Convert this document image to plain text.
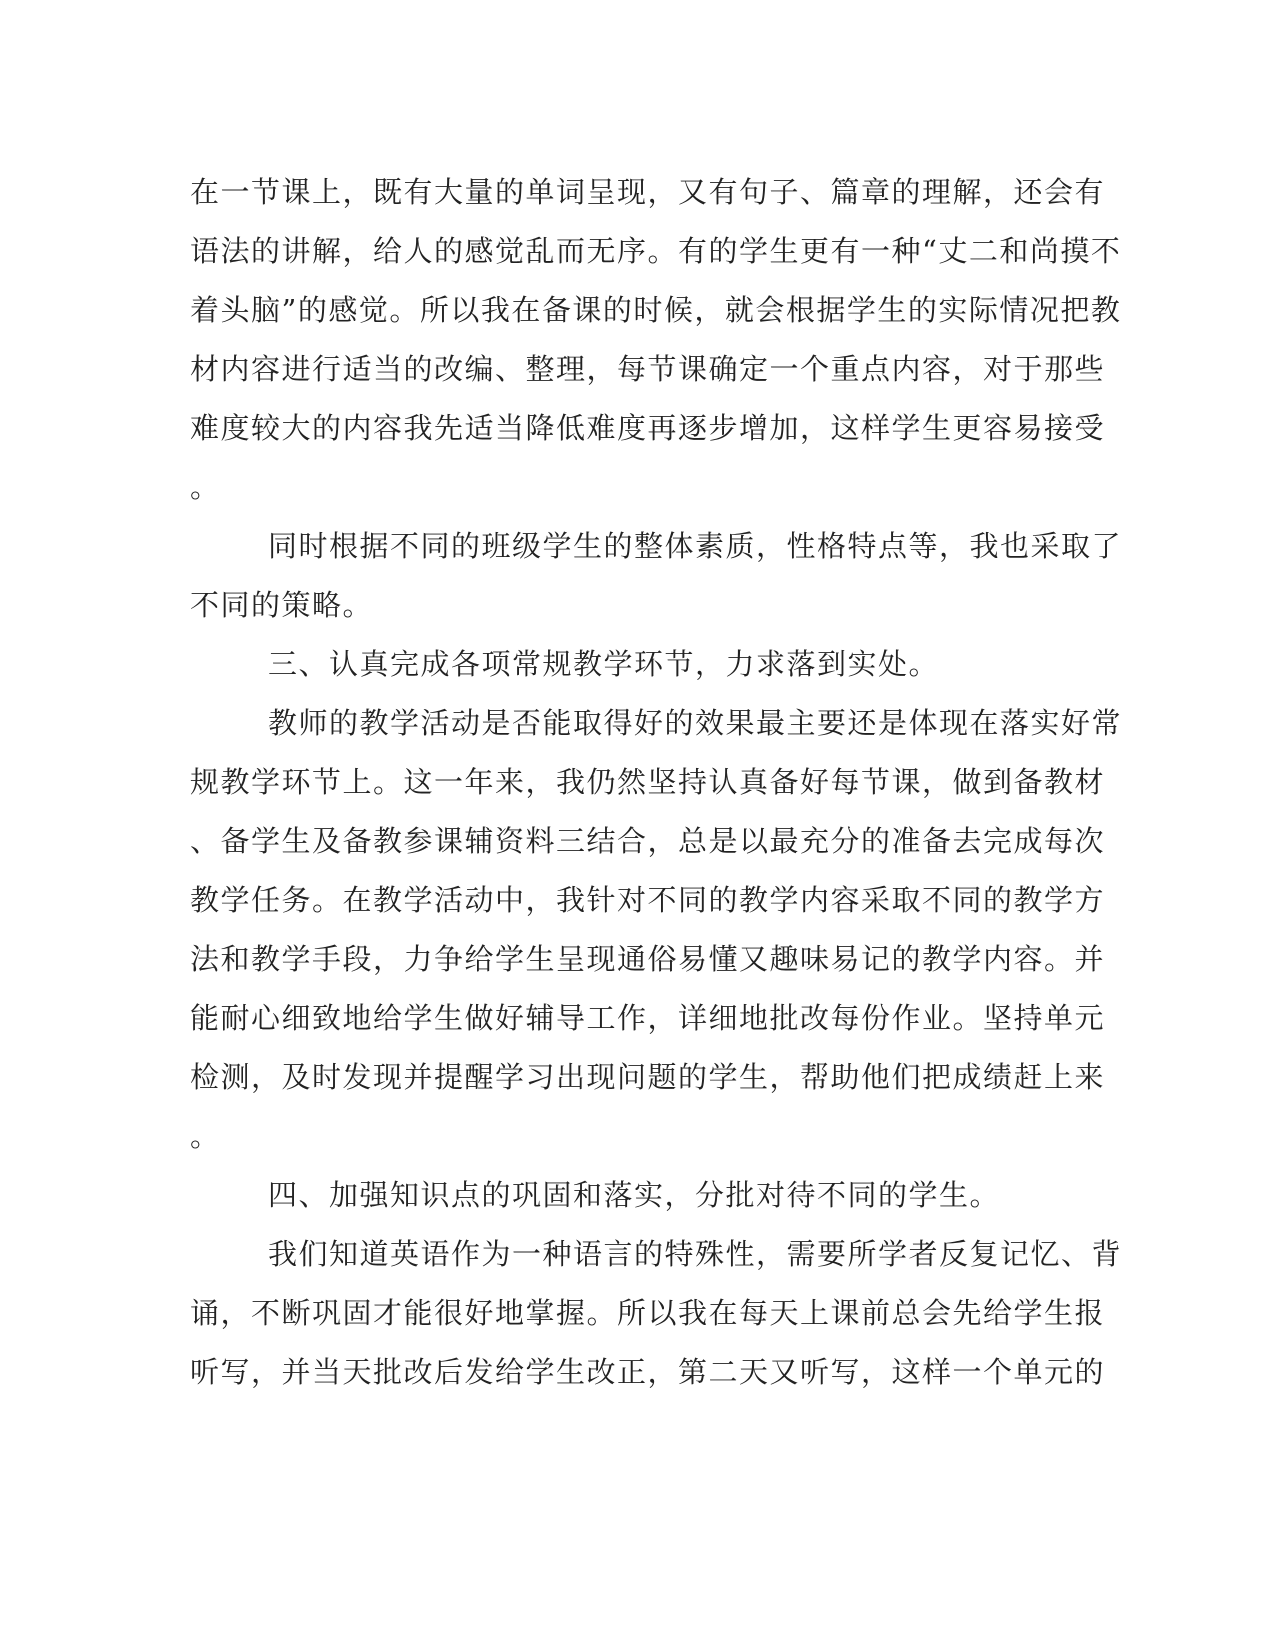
在一节课上，既有大量的单词呈现，又有句子、篇章的理解，还会有
语法的讲解，给人的感觉乱而无序。有的学生更有一种“丈二和尚摸不
着头脑”的感觉。所以我在备课的时候，就会根据学生的实际情况把教
材内容进行适当的改编、整理，每节课确定一个重点内容，对于那些
难度较大的内容我先适当降低难度再逐步增加，这样学生更容易接受
。
同时根据不同的班级学生的整体素质，性格特点等，我也采取了
不同的策略。
三、认真完成各项常规教学环节，力求落到实处。
教师的教学活动是否能取得好的效果最主要还是体现在落实好常
规教学环节上。这一年来，我仍然坚持认真备好每节课，做到备教材
、备学生及备教参课辅资料三结合，总是以最充分的准备去完成每次
教学任务。在教学活动中，我针对不同的教学内容采取不同的教学方
法和教学手段，力争给学生呈现通俗易懂又趣味易记的教学内容。并
能耐心细致地给学生做好辅导工作，详细地批改每份作业。坚持单元
检测，及时发现并提醒学习出现问题的学生，帮助他们把成绩赶上来
。
四、加强知识点的巩固和落实，分批对待不同的学生。
我们知道英语作为一种语言的特殊性，需要所学者反复记忆、背
诵，不断巩固才能很好地掌握。所以我在每天上课前总会先给学生报
听写，并当天批改后发给学生改正，第二天又听写，这样一个单元的
